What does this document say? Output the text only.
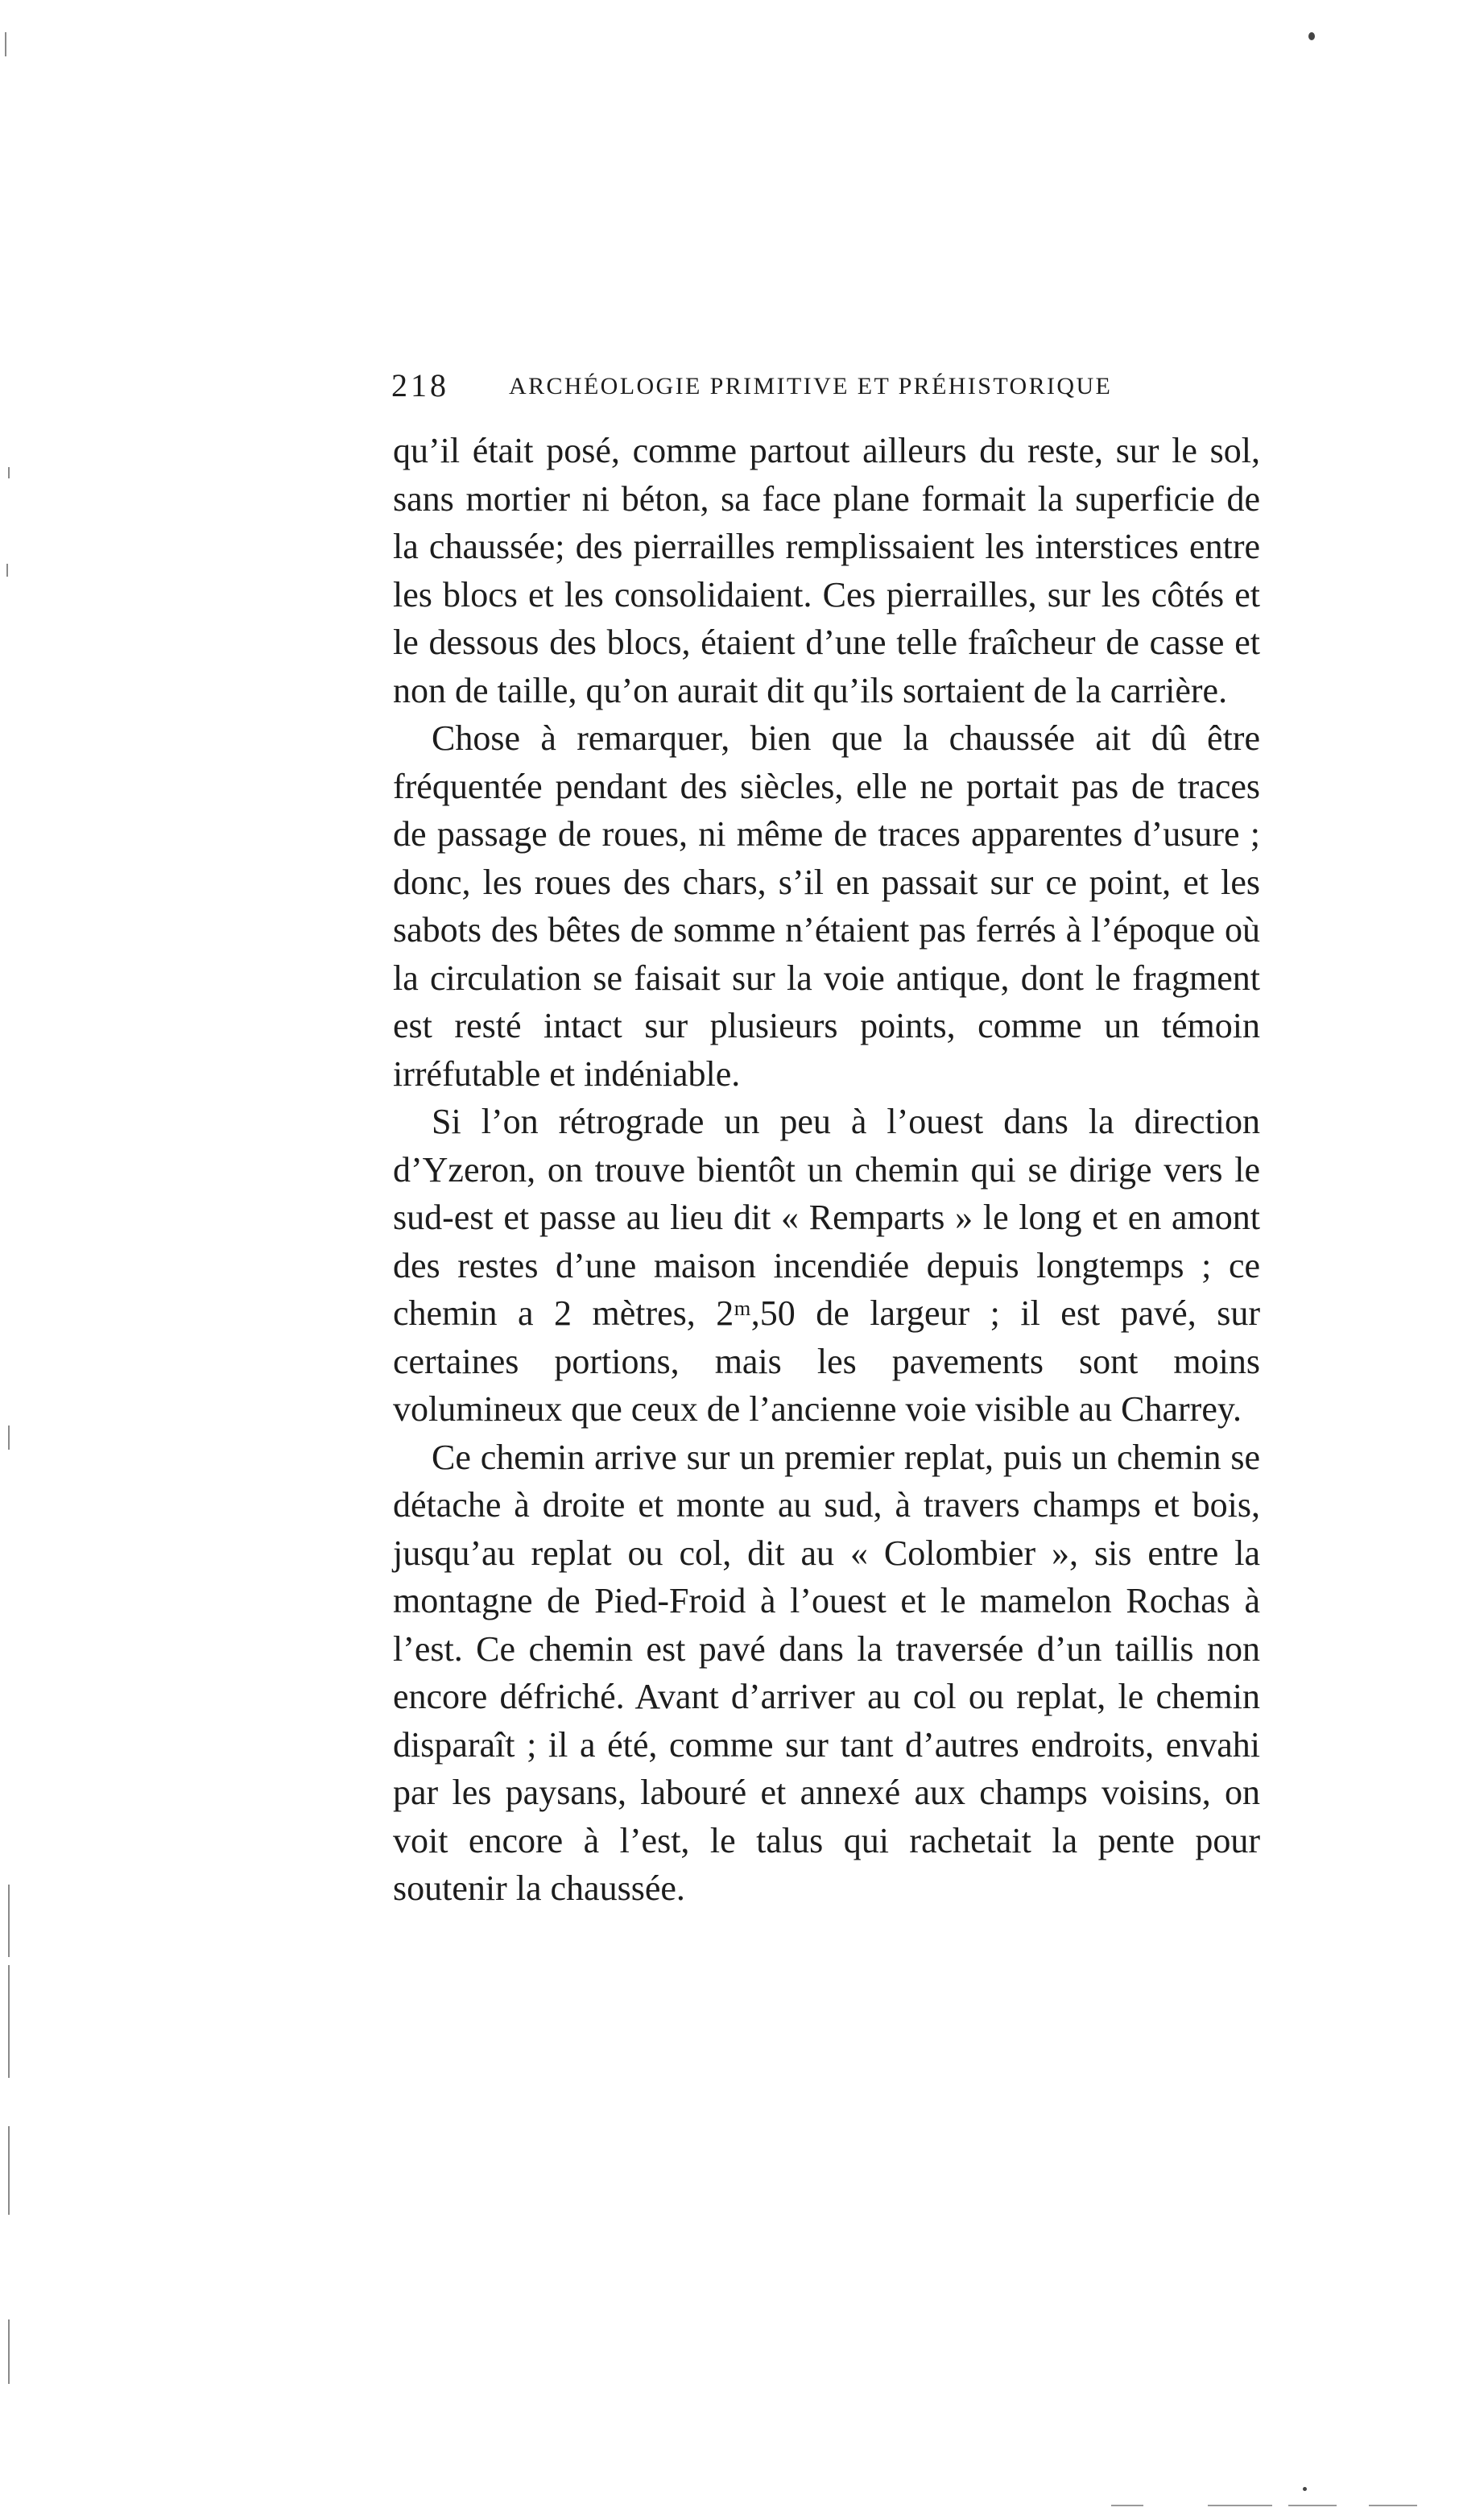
218 ARCHÉOLOGIE PRIMITIVE ET PRÉHISTORIQUE

qu’il était posé, comme partout ailleurs du reste, sur le sol, sans mortier ni béton, sa face plane formait la superficie de la chaussée; des pierrailles remplissaient les interstices entre les blocs et les consolidaient. Ces pierrailles, sur les côtés et le dessous des blocs, étaient d’une telle fraîcheur de casse et non de taille, qu’on aurait dit qu’ils sortaient de la carrière.

Chose à remarquer, bien que la chaussée ait dû être fréquentée pendant des siècles, elle ne portait pas de traces de passage de roues, ni même de traces apparentes d’usure ; donc, les roues des chars, s’il en passait sur ce point, et les sabots des bêtes de somme n’étaient pas ferrés à l’époque où la circulation se faisait sur la voie antique, dont le fragment est resté intact sur plusieurs points, comme un témoin irréfutable et indéniable.

Si l’on rétrograde un peu à l’ouest dans la direction d’Yzeron, on trouve bientôt un chemin qui se dirige vers le sud-est et passe au lieu dit « Remparts » le long et en amont des restes d’une maison incendiée depuis longtemps ; ce chemin a 2 mètres, 2ᵐ,50 de largeur ; il est pavé, sur certaines portions, mais les pavements sont moins volumineux que ceux de l’ancienne voie visible au Charrey.

Ce chemin arrive sur un premier replat, puis un chemin se détache à droite et monte au sud, à travers champs et bois, jusqu’au replat ou col, dit au « Colombier », sis entre la montagne de Pied-Froid à l’ouest et le mamelon Rochas à l’est. Ce chemin est pavé dans la traversée d’un taillis non encore défriché. Avant d’arriver au col ou replat, le chemin disparaît ; il a été, comme sur tant d’autres endroits, envahi par les paysans, labouré et annexé aux champs voisins, on voit encore à l’est, le talus qui rachetait la pente pour soutenir la chaussée.
